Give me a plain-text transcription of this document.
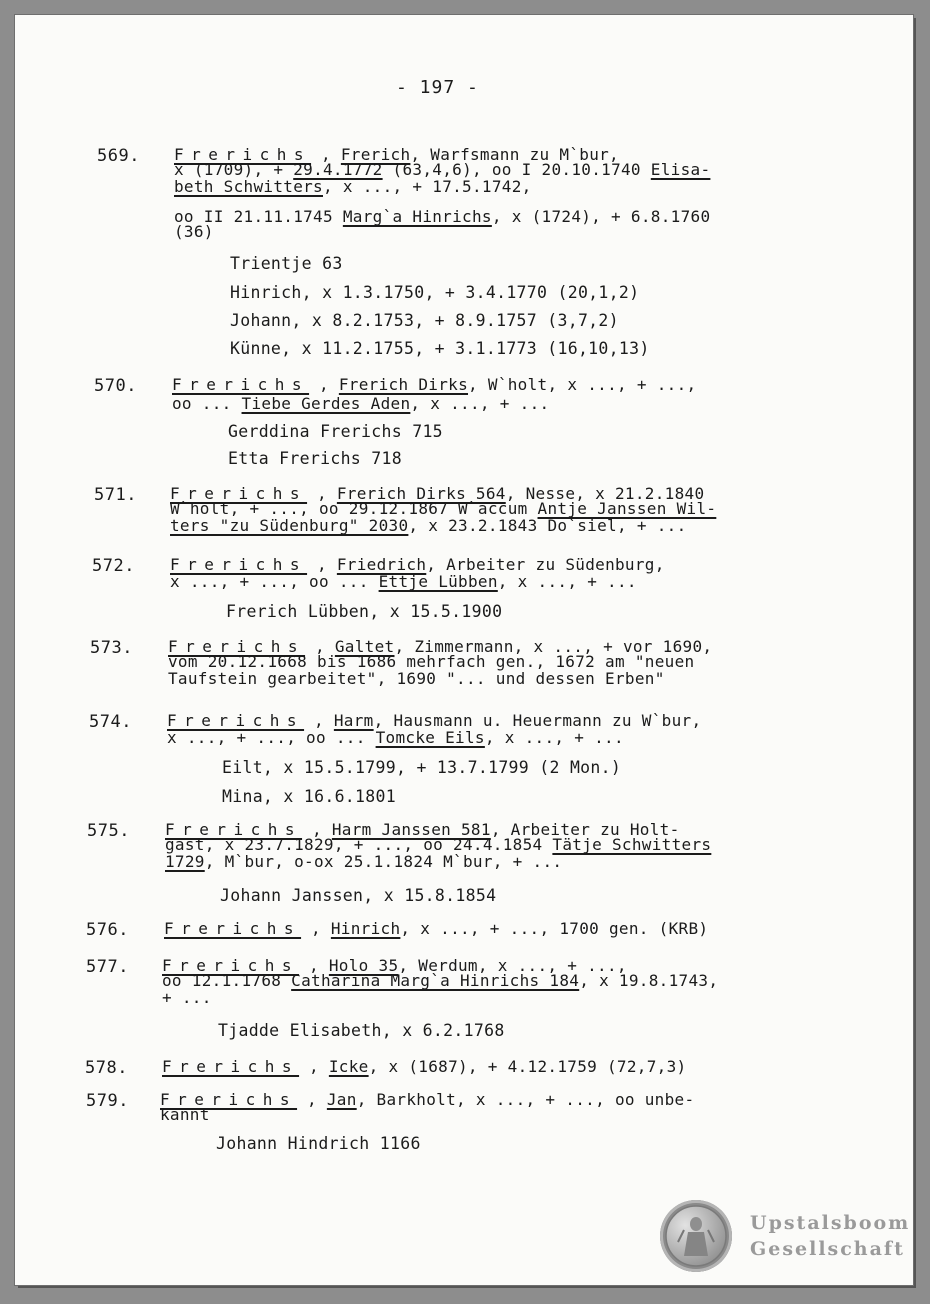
- 197 -
569. Frerichs , Frerich, Warfsmann zu M`bur,
x (1709), + 29.4.1772 (63,4,6), oo I 20.10.1740 Elisa-
beth Schwitters, x ..., + 17.5.1742,
oo II 21.11.1745 Marg`a Hinrichs, x (1724), + 6.8.1760
(36)
Trientje 63
Hinrich, x 1.3.1750, + 3.4.1770 (20,1,2)
Johann, x 8.2.1753, + 8.9.1757 (3,7,2)
Künne, x 11.2.1755, + 3.1.1773 (16,10,13)
570. Frerichs , Frerich Dirks, W`holt, x ..., + ...,
oo ... Tiebe Gerdes Aden, x ..., + ...
Gerddina Frerichs 715
Etta Frerichs 718
571. Frerichs , Frerich Dirks 564, Nesse, x 21.2.1840
W`holt, + ..., oo 29.12.1867 W`accum Antje Janssen Wil-
ters "zu Südenburg" 2030, x 23.2.1843 Do`siel, + ...
572. Frerichs , Friedrich, Arbeiter zu Südenburg,
x ..., + ..., oo ... Ettje Lübben, x ..., + ...
Frerich Lübben, x 15.5.1900
573. Frerichs , Galtet, Zimmermann, x ..., + vor 1690,
vom 20.12.1668 bis 1686 mehrfach gen., 1672 am "neuen
Taufstein gearbeitet", 1690 "... und dessen Erben"
574. Frerichs , Harm, Hausmann u. Heuermann zu W`bur,
x ..., + ..., oo ... Tomcke Eils, x ..., + ...
Eilt, x 15.5.1799, + 13.7.1799 (2 Mon.)
Mina, x 16.6.1801
575. Frerichs , Harm Janssen 581, Arbeiter zu Holt-
gast, x 23.7.1829, + ..., oo 24.4.1854 Tätje Schwitters
1729, M`bur, o-ox 25.1.1824 M`bur, + ...
Johann Janssen, x 15.8.1854
576. Frerichs , Hinrich, x ..., + ..., 1700 gen. (KRB)
577. Frerichs , Holo 35, Werdum, x ..., + ...,
oo 12.1.1768 Catharina Marg`a Hinrichs 184, x 19.8.1743,
+ ...
Tjadde Elisabeth, x 6.2.1768
578. Frerichs , Icke, x (1687), + 4.12.1759 (72,7,3)
579. Frerichs , Jan, Barkholt, x ..., + ..., oo unbe-
kannt
Johann Hindrich 1166
Upstalsboom
Gesellschaft
